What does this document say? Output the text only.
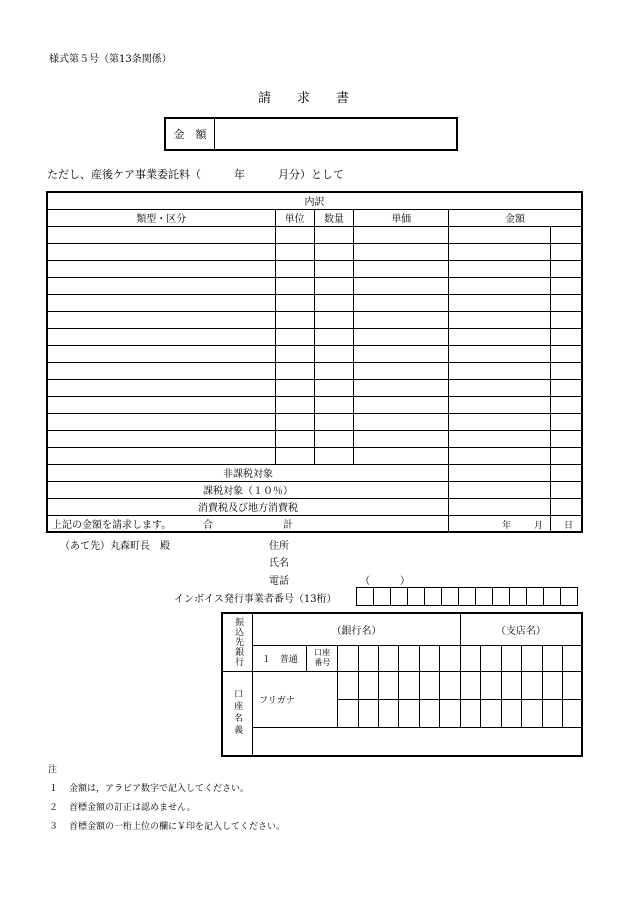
様式第５号（第13条関係）
請　　求　　書
金　額
ただし、産後ケア事業委託料（　　　年　　　月分）として
内訳					
類型・区分	単位	数量	単価	金額	

非課税対象					
課税対象（１０％）					
消費税及び地方消費税					
合　　　　　　　計					
上記の金額を請求します。	年	月 日
（あて先）丸森町長　殿	住所
氏名
電話	（　　　）
インボイス発行事業者番号（13桁）

振込先銀行	（銀行名）								（支店名）					
	１　普通	口座番号												

口座名義	フリガナ													

注
１ 金額は，アラビア数字で記入してください。
２ 首標金額の訂正は認めません。
３ 首標金額の一桁上位の欄に￥印を記入してください。
